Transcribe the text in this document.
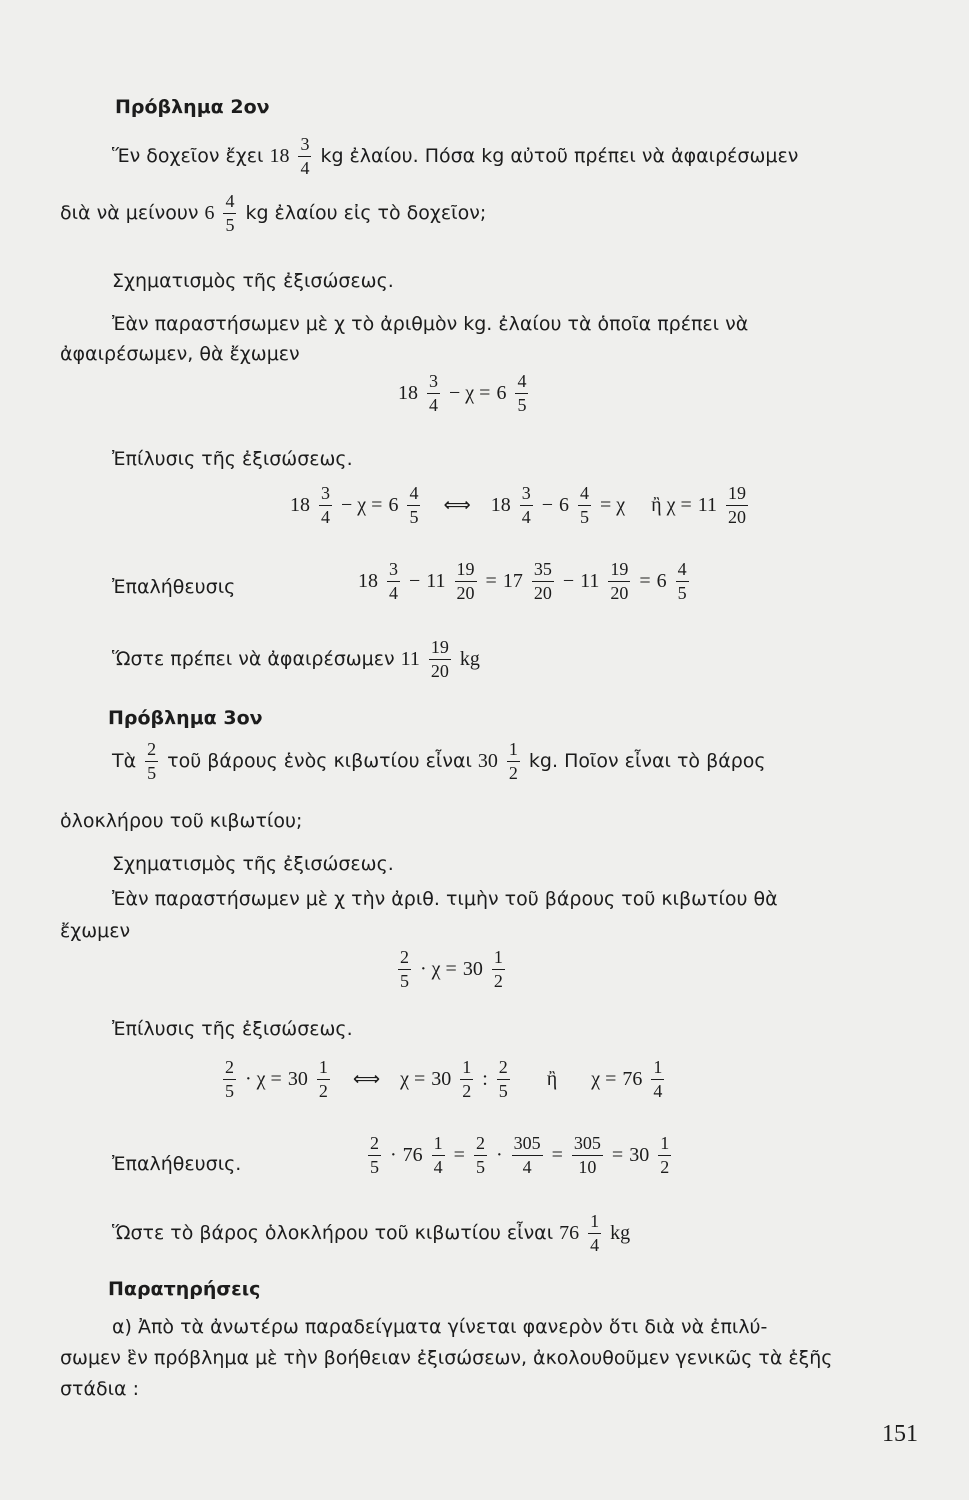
Πρόβλημα 2ον
Ἕν δοχεῖον ἔχει $18 \frac{3}{4}$ kg ἐλαίου. Πόσα kg αὐτοῦ πρέπει νὰ ἀφαιρέσωμεν
διὰ νὰ μείνουν $6 \frac{4}{5}$ kg ἐλαίου εἰς τὸ δοχεῖον;
Σχηματισμὸς τῆς ἐξισώσεως.
Ἐὰν παραστήσωμεν μὲ χ τὸ ἀριθμὸν kg. ἐλαίου τὰ ὁποῖα πρέπει νὰ
ἀφαιρέσωμεν, θὰ ἔχωμεν
$18 \frac{3}{4} - \chi = 6 \frac{4}{5}$
Ἐπίλυσις τῆς ἐξισώσεως.
$18 \frac{3}{4} - \chi = 6 \frac{4}{5}$ ⟺ $18 \frac{3}{4} - 6 \frac{4}{5} = \chi$ ἢ $\chi = 11 \frac{19}{20}$
Ἐπαλήθευσις	$18 \frac{3}{4} - 11 \frac{19}{20} = 17 \frac{35}{20} - 11 \frac{19}{20} = 6 \frac{4}{5}$
Ὥστε πρέπει νὰ ἀφαιρέσωμεν $11 \frac{19}{20}$ kg
Πρόβλημα 3ον
Τὰ $\frac{2}{5}$ τοῦ βάρους ἑνὸς κιβωτίου εἶναι $30 \frac{1}{2}$ kg. Ποῖον εἶναι τὸ βάρος
ὁλοκλήρου τοῦ κιβωτίου;
Σχηματισμὸς τῆς ἐξισώσεως.
Ἐὰν παραστήσωμεν μὲ χ τὴν ἀριθ. τιμὴν τοῦ βάρους τοῦ κιβωτίου θὰ
ἔχωμεν
$\frac{2}{5} \cdot \chi = 30 \frac{1}{2}$
Ἐπίλυσις τῆς ἐξισώσεως.
$\frac{2}{5} \cdot \chi = 30 \frac{1}{2}$ ⟺ $\chi = 30 \frac{1}{2}$ : $\frac{2}{5}$ ἢ $\chi = 76 \frac{1}{4}$
Ἐπαλήθευσις.	$\frac{2}{5} \cdot 76 \frac{1}{4} = \frac{2}{5} \cdot \frac{305}{4} = \frac{305}{10} = 30 \frac{1}{2}$
Ὥστε τὸ βάρος ὁλοκλήρου τοῦ κιβωτίου εἶναι $76 \frac{1}{4}$ kg
Παρατηρήσεις
α) Ἀπὸ τὰ ἀνωτέρω παραδείγματα γίνεται φανερὸν ὅτι διὰ νὰ ἐπιλύ-
σωμεν ἓν πρόβλημα μὲ τὴν βοήθειαν ἐξισώσεων, ἀκολουθοῦμεν γενικῶς τὰ ἑξῆς
στάδια :
151
